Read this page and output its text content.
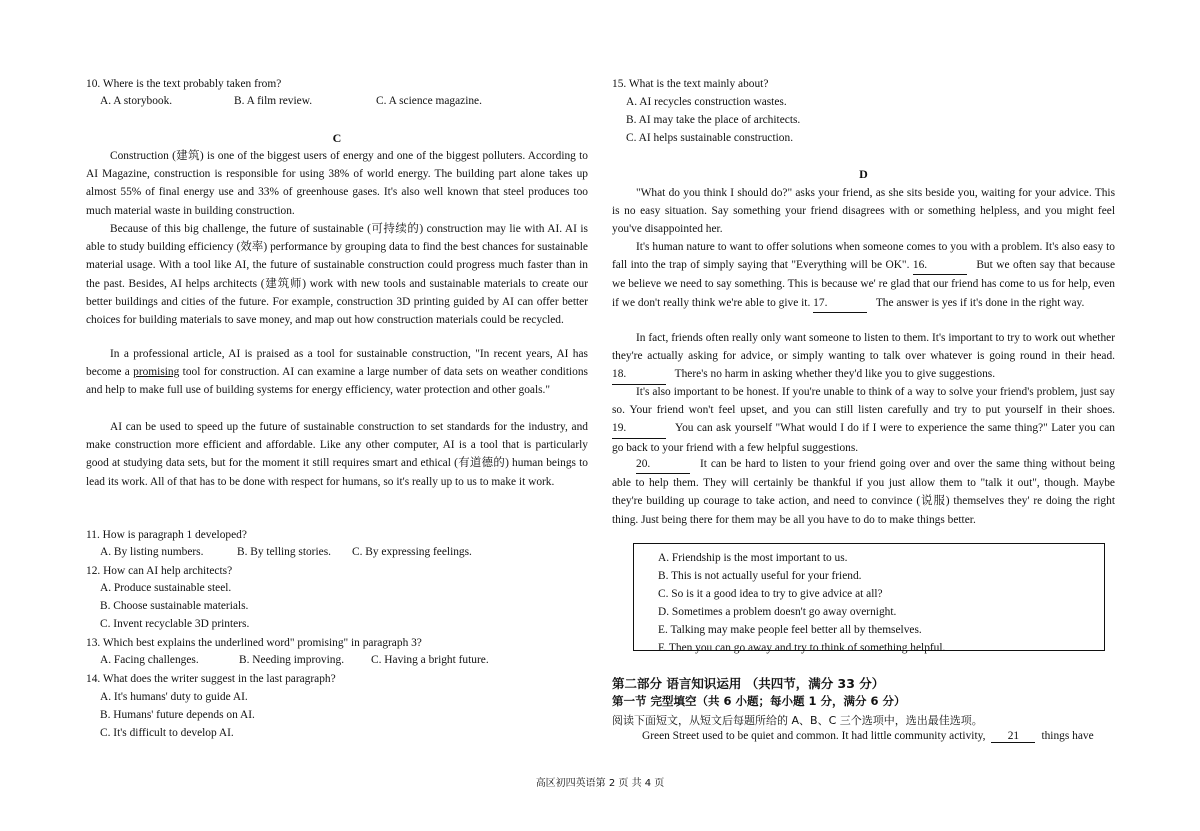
10. Where is the text probably taken from?
A. A storybook.	B. A film review.	C. A science magazine.
C

Construction (建筑) is one of the biggest users of energy and one of the biggest polluters. According to AI Magazine, construction is responsible for using 38% of world energy. The building part alone takes up almost 55% of final energy use and 33% of greenhouse gases. It's also well known that steel produces too much material waste in building construction.

Because of this big challenge, the future of sustainable (可持续的) construction may lie with AI. AI is able to study building efficiency (效率) performance by grouping data to find the best chances for sustainable material usage. With a tool like AI, the future of sustainable construction could progress much faster than in the past. Besides, AI helps architects (建筑师) work with new tools and sustainable materials to create our better buildings and cities of the future. For example, construction 3D printing guided by AI can offer better choices for building materials to save money, and map out how construction materials could be recycled.

In a professional article, AI is praised as a tool for sustainable construction, "In recent years, AI has become a promising tool for construction. AI can examine a large number of data sets on weather conditions and help to make full use of building systems for energy efficiency, water protection and other goals."

AI can be used to speed up the future of sustainable construction to set standards for the industry, and make construction more efficient and affordable. Like any other computer, AI is a tool that is particularly good at studying data sets, but for the moment it still requires smart and ethical (有道德的) human beings to lead its work. All of that has to be done with respect for humans, so it's really up to us to make it work.

11. How is paragraph 1 developed?
A. By listing numbers.	B. By telling stories. C. By expressing feelings.
12. How can AI help architects?
A. Produce sustainable steel.
B. Choose sustainable materials.
C. Invent recyclable 3D printers.
13. Which best explains the underlined word" promising" in paragraph 3?
A. Facing challenges.	B. Needing improving. C. Having a bright future.
14. What does the writer suggest in the last paragraph?
A. It's humans' duty to guide AI.
B. Humans' future depends on AI.
C. It's difficult to develop AI.
15. What is the text mainly about?
A. AI recycles construction wastes.
B. AI may take the place of architects.
C. AI helps sustainable construction.
D

"What do you think I should do?" asks your friend, as she sits beside you, waiting for your advice. This is no easy situation. Say something your friend disagrees with or something helpless, and you might feel you've disappointed her.

It's human nature to want to offer solutions when someone comes to you with a problem. It's also easy to fall into the trap of simply saying that "Everything will be OK". 16.	But we often say that because we believe we need to say something. This is because we' re glad that our friend has come to us for help, even if we don't really think we're able to give it. 17.	The answer is yes if it's done in the right way.

In fact, friends often really only want someone to listen to them. It's important to try to work out whether they're actually asking for advice, or simply wanting to talk over whatever is going round in their head. 18.	There's no harm in asking whether they'd like you to give suggestions.

It's also important to be honest. If you're unable to think of a way to solve your friend's problem, just say so. Your friend won't feel upset, and you can still listen carefully and try to put yourself in their shoes. 19.	You can ask yourself "What would I do if I were to experience the same thing?" Later you can go back to your friend with a few helpful suggestions.

20.	It can be hard to listen to your friend going over and over the same thing without being able to help them. They will certainly be thankful if you just allow them to "talk it out", though. Maybe they're building up courage to take action, and need to convince (说服) themselves they' re doing the right thing. Just being there for them may be all you have to do to make things better.

A. Friendship is the most important to us.
B. This is not actually useful for your friend.
C. So is it a good idea to try to give advice at all?
D. Sometimes a problem doesn't go away overnight.
E. Talking may make people feel better all by themselves.
F. Then you can go away and try to think of something helpful.
第二部分 语言知识运用 （共四节，满分 33 分）
第一节 完型填空（共 6 小题；每小题 1 分，满分 6 分）
阅读下面短文，从短文后每题所给的 A、B、C 三个选项中，选出最佳选项。
Green Street used to be quiet and common. It had little community activity, 21 things have
高区初四英语第 2 页 共 4 页
